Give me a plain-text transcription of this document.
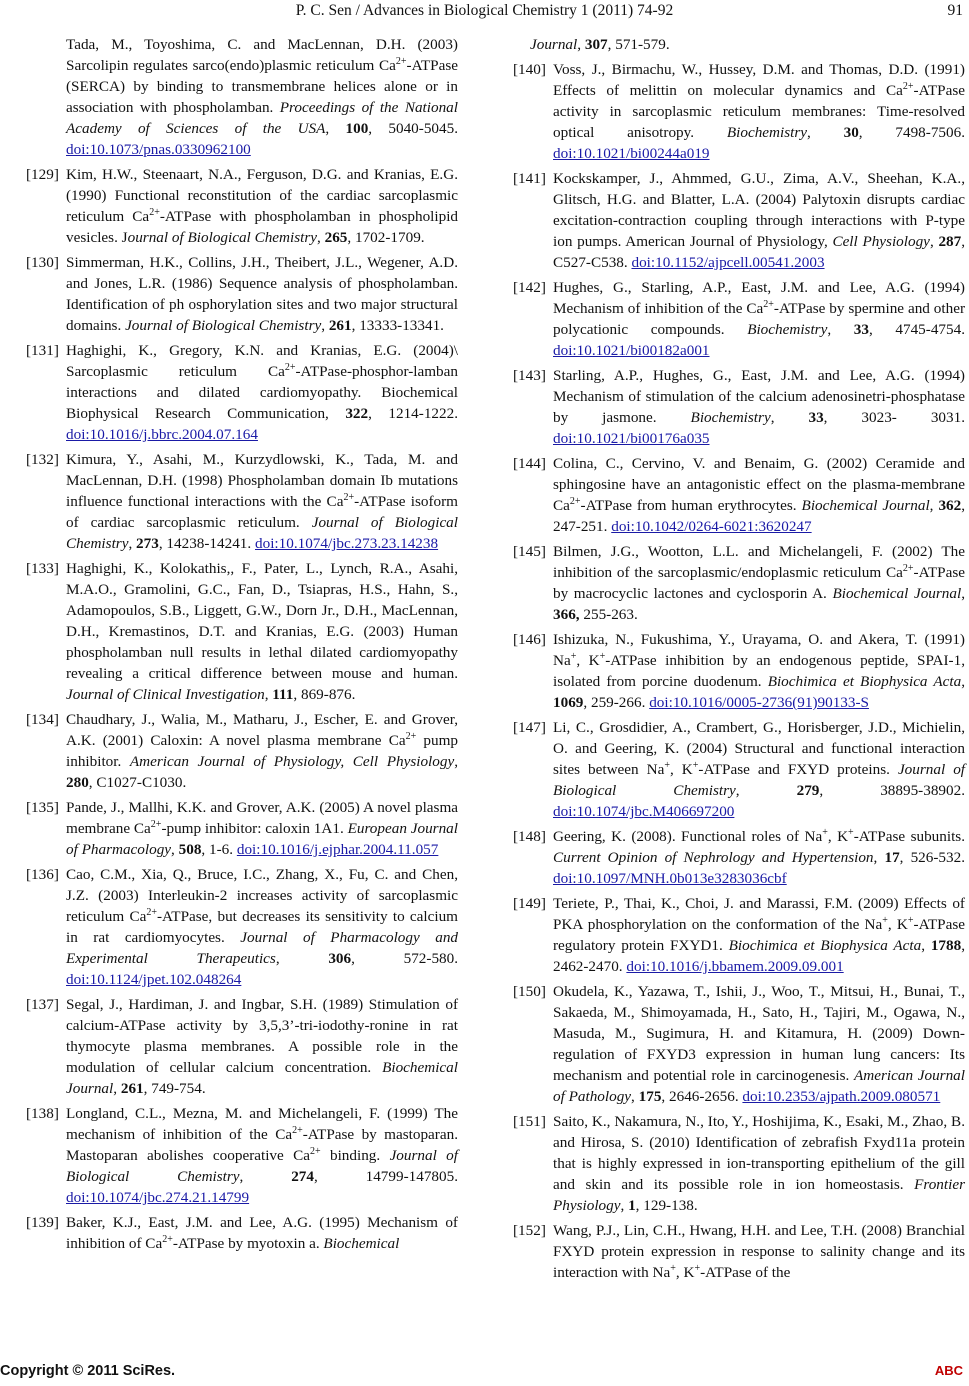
P. C. Sen / Advances in Biological Chemistry 1 (2011) 74-92	91
Tada, M., Toyoshima, C. and MacLennan, D.H. (2003) Sarcolipin regulates sarco(endo)plasmic reticulum $Ca^{2+}$-ATPase (SERCA) by binding to transmembrane helices alone or in association with phospholamban. Proceedings of the National Academy of Sciences of the USA, 100, 5040-5045. doi:10.1073/pnas.0330962100
[129] Kim, H.W., Steenaart, N.A., Ferguson, D.G. and Kranias, E.G. (1990) Functional reconstitution of the cardiac sarcoplasmic reticulum $Ca^{2+}$-ATPase with phospholamban in phospholipid vesicles. Journal of Biological Chemistry, 265, 1702-1709.
[130] Simmerman, H.K., Collins, J.H., Theibert, J.L., Wegener, A.D. and Jones, L.R. (1986) Sequence analysis of phospholamban. Identification of ph osphorylation sites and two major structural domains. Journal of Biological Chemistry, 261, 13333-13341.
[131] Haghighi, K., Gregory, K.N. and Kranias, E.G. (2004)\ Sarcoplasmic reticulum $Ca^{2+}-ATPase-phosphor$-lamban interactions and dilated cardiomyopathy. Biochemical Biophysical Research Communication, 322, 1214-1222. doi:10.1016/j.bbrc.2004.07.164
[132] Kimura, Y., Asahi, M., Kurzydlowski, K., Tada, M. and MacLennan, D.H. (1998) Phospholamban domain Ib mutations influence functional interactions with the $Ca^{2+}$-ATPase isoform of cardiac sarcoplasmic reticulum. Journal of Biological Chemistry, 273, 14238-14241. doi:10.1074/jbc.273.23.14238
[133] Haghighi, K., Kolokathis,, F., Pater, L., Lynch, R.A., Asahi, M.A.O., Gramolini, G.C., Fan, D., Tsiapras, H.S., Hahn, S., Adamopoulos, S.B., Liggett, G.W., Dorn Jr., D.H., MacLennan, D.H., Kremastinos, D.T. and Kranias, E.G. (2003) Human phospholamban null results in lethal dilated cardiomyopathy revealing a critical difference between mouse and human. Journal of Clinical Investigation, 111, 869-876.
[134] Chaudhary, J., Walia, M., Matharu, J., Escher, E. and Grover, A.K. (2001) Caloxin: A novel plasma membrane $Ca^{2+}$ pump inhibitor. American Journal of Physiology, Cell Physiology, 280, C1027-C1030.
[135] Pande, J., Mallhi, K.K. and Grover, A.K. (2005) A novel plasma membrane $Ca^{2+}$-pump inhibitor: caloxin 1A1. European Journal of Pharmacology, 508, 1-6. doi:10.1016/j.ejphar.2004.11.057
[136] Cao, C.M., Xia, Q., Bruce, I.C., Zhang, X., Fu, C. and Chen, J.Z. (2003) Interleukin-2 increases activity of sarcoplasmic reticulum $Ca^{2+}$-ATPase, but decreases its sensitivity to calcium in rat cardiomyocytes. Journal of Pharmacology and Experimental Therapeutics, 306, 572-580. doi:10.1124/jpet.102.048264
[137] Segal, J., Hardiman, J. and Ingbar, S.H. (1989) Stimulation of calcium-ATPase activity by 3,5,3’-tri-iodothy-ronine in rat thymocyte plasma membranes. A possible role in the modulation of cellular calcium concentration. Biochemical Journal, 261, 749-754.
[138] Longland, C.L., Mezna, M. and Michelangeli, F. (1999) The mechanism of inhibition of the $Ca^{2+}$-ATPase by mastoparan. Mastoparan abolishes cooperative $Ca^{2+}$ binding. Journal of Biological Chemistry, 274, 14799-147805. doi:10.1074/jbc.274.21.14799
[139] Baker, K.J., East, J.M. and Lee, A.G. (1995) Mechanism of inhibition of $Ca^{2+}$-ATPase by myotoxin a. Biochemical
Journal, 307, 571-579.
[140] Voss, J., Birmachu, W., Hussey, D.M. and Thomas, D.D. (1991) Effects of melittin on molecular dynamics and $Ca^{2+}$-ATPase activity in sarcoplasmic reticulum membranes: Time-resolved optical anisotropy. Biochemistry, 30, 7498-7506. doi:10.1021/bi00244a019
[141] Kockskamper, J., Ahmmed, G.U., Zima, A.V., Sheehan, K.A., Glitsch, H.G. and Blatter, L.A. (2004) Palytoxin disrupts cardiac excitation-contraction coupling through interactions with P-type ion pumps. American Journal of Physiology, Cell Physiology, 287, C527-C538. doi:10.1152/ajpcell.00541.2003
[142] Hughes, G., Starling, A.P., East, J.M. and Lee, A.G. (1994) Mechanism of inhibition of the $Ca^{2+}$-ATPase by spermine and other polycationic compounds. Biochemistry, 33, 4745-4754. doi:10.1021/bi00182a001
[143] Starling, A.P., Hughes, G., East, J.M. and Lee, A.G. (1994) Mechanism of stimulation of the calcium adenosinetri-phosphatase by jasmone. Biochemistry, 33, 3023- 3031. doi:10.1021/bi00176a035
[144] Colina, C., Cervino, V. and Benaim, G. (2002) Ceramide and sphingosine have an antagonistic effect on the plasma-membrane $Ca^{2+}$-ATPase from human erythrocytes. Biochemical Journal, 362, 247-251. doi:10.1042/0264-6021:3620247
[145] Bilmen, J.G., Wootton, L.L. and Michelangeli, F. (2002) The inhibition of the sarcoplasmic/endoplasmic reticulum $Ca^{2+}$-ATPase by macrocyclic lactones and cyclosporin A. Biochemical Journal, 366, 255-263.
[146] Ishizuka, N., Fukushima, Y., Urayama, O. and Akera, T. (1991) Na+, K+-ATPase inhibition by an endogenous peptide, SPAI-1, isolated from porcine duodenum. Biochimica et Biophysica Acta, 1069, 259-266. doi:10.1016/0005-2736(91)90133-S
[147] Li, C., Grosdidier, A., Crambert, G., Horisberger, J.D., Michielin, O. and Geering, K. (2004) Structural and functional interaction sites between Na+, K+-ATPase and FXYD proteins. Journal of Biological Chemistry, 279, 38895-38902. doi:10.1074/jbc.M406697200
[148] Geering, K. (2008). Functional roles of Na+, K+-ATPase subunits. Current Opinion of Nephrology and Hypertension, 17, 526-532. doi:10.1097/MNH.0b013e3283036cbf
[149] Teriete, P., Thai, K., Choi, J. and Marassi, F.M. (2009) Effects of PKA phosphorylation on the conformation of the Na+, K+-ATPase regulatory protein FXYD1. Biochimica et Biophysica Acta, 1788, 2462-2470. doi:10.1016/j.bbamem.2009.09.001
[150] Okudela, K., Yazawa, T., Ishii, J., Woo, T., Mitsui, H., Bunai, T., Sakaeda, M., Shimoyamada, H., Sato, H., Tajiri, M., Ogawa, N., Masuda, M., Sugimura, H. and Kitamura, H. (2009) Down-regulation of FXYD3 expression in human lung cancers: Its mechanism and potential role in carcinogenesis. American Journal of Pathology, 175, 2646-2656. doi:10.2353/ajpath.2009.080571
[151] Saito, K., Nakamura, N., Ito, Y., Hoshijima, K., Esaki, M., Zhao, B. and Hirosa, S. (2010) Identification of zebrafish Fxyd11a protein that is highly expressed in ion-transporting epithelium of the gill and skin and its possible role in ion homeostasis. Frontier Physiology, 1, 129-138.
[152] Wang, P.J., Lin, C.H., Hwang, H.H. and Lee, T.H. (2008) Branchial FXYD protein expression in response to salinity change and its interaction with Na+, K+-ATPase of the
Copyright © 2011 SciRes.	ABC
